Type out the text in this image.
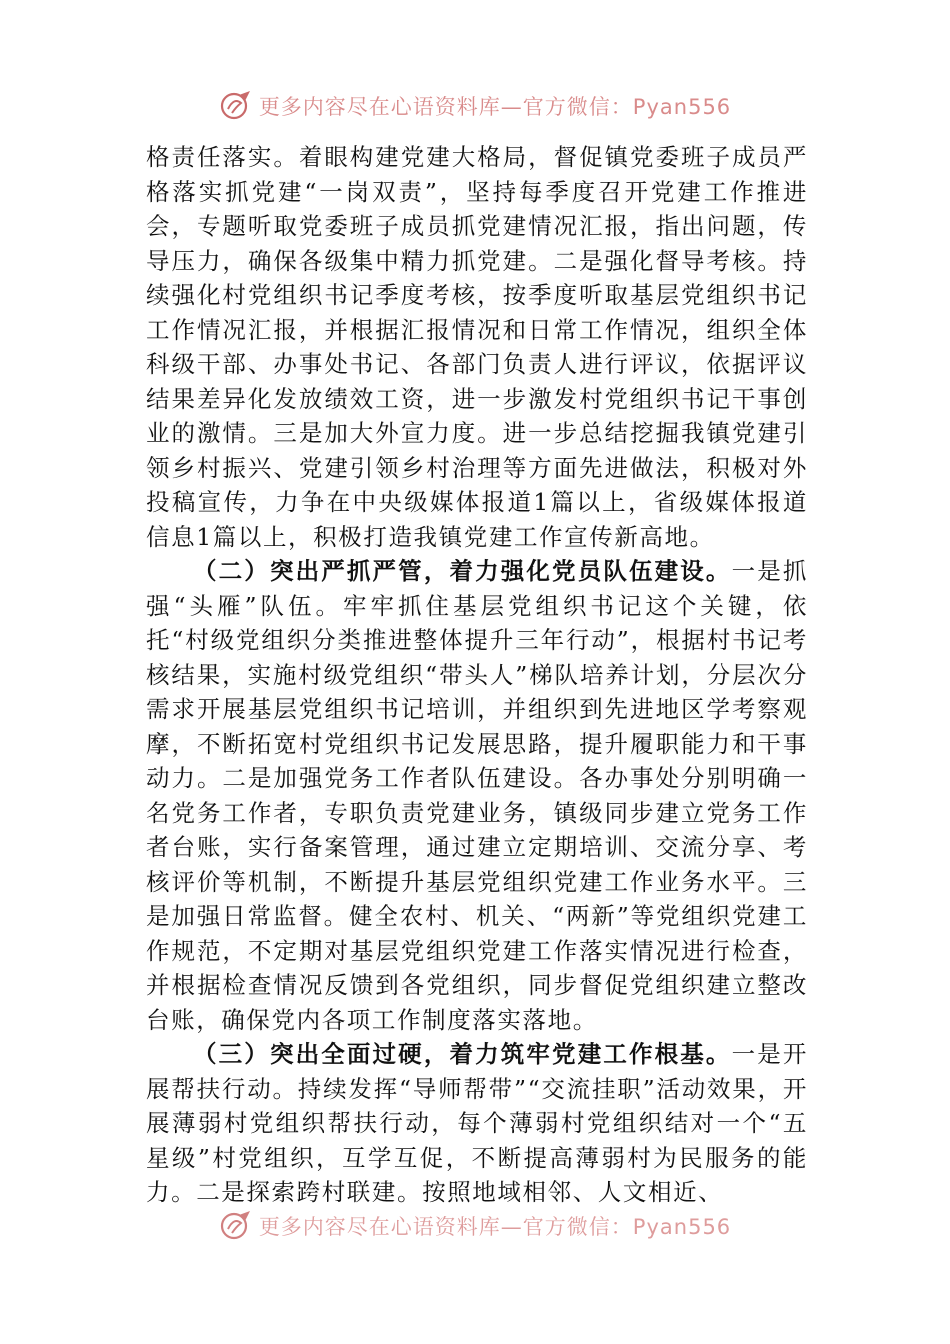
更多内容尽在心语资料库—官方微信：Pyan556

格责任落实。着眼构建党建大格局，督促镇党委班子成员严格落实抓党建“一岗双责”，坚持每季度召开党建工作推进会，专题听取党委班子成员抓党建情况汇报，指出问题，传导压力，确保各级集中精力抓党建。二是强化督导考核。持续强化村党组织书记季度考核，按季度听取基层党组织书记工作情况汇报，并根据汇报情况和日常工作情况，组织全体科级干部、办事处书记、各部门负责人进行评议，依据评议结果差异化发放绩效工资，进一步激发村党组织书记干事创业的激情。三是加大外宣力度。进一步总结挖掘我镇党建引领乡村振兴、党建引领乡村治理等方面先进做法，积极对外投稿宣传，力争在中央级媒体报道1篇以上，省级媒体报道信息1篇以上，积极打造我镇党建工作宣传新高地。

（二）突出严抓严管，着力强化党员队伍建设。一是抓强“头雁”队伍。牢牢抓住基层党组织书记这个关键，依托“村级党组织分类推进整体提升三年行动”，根据村书记考核结果，实施村级党组织“带头人”梯队培养计划，分层次分需求开展基层党组织书记培训，并组织到先进地区学考察观摩，不断拓宽村党组织书记发展思路，提升履职能力和干事动力。二是加强党务工作者队伍建设。各办事处分别明确一名党务工作者，专职负责党建业务，镇级同步建立党务工作者台账，实行备案管理，通过建立定期培训、交流分享、考核评价等机制，不断提升基层党组织党建工作业务水平。三是加强日常监督。健全农村、机关、“两新”等党组织党建工作规范，不定期对基层党组织党建工作落实情况进行检查，并根据检查情况反馈到各党组织，同步督促党组织建立整改台账，确保党内各项工作制度落实落地。

（三）突出全面过硬，着力筑牢党建工作根基。一是开展帮扶行动。持续发挥“导师帮带”“交流挂职”活动效果，开展薄弱村党组织帮扶行动，每个薄弱村党组织结对一个“五星级”村党组织，互学互促，不断提高薄弱村为民服务的能力。二是探索跨村联建。按照地域相邻、人文相近、

更多内容尽在心语资料库—官方微信：Pyan556
